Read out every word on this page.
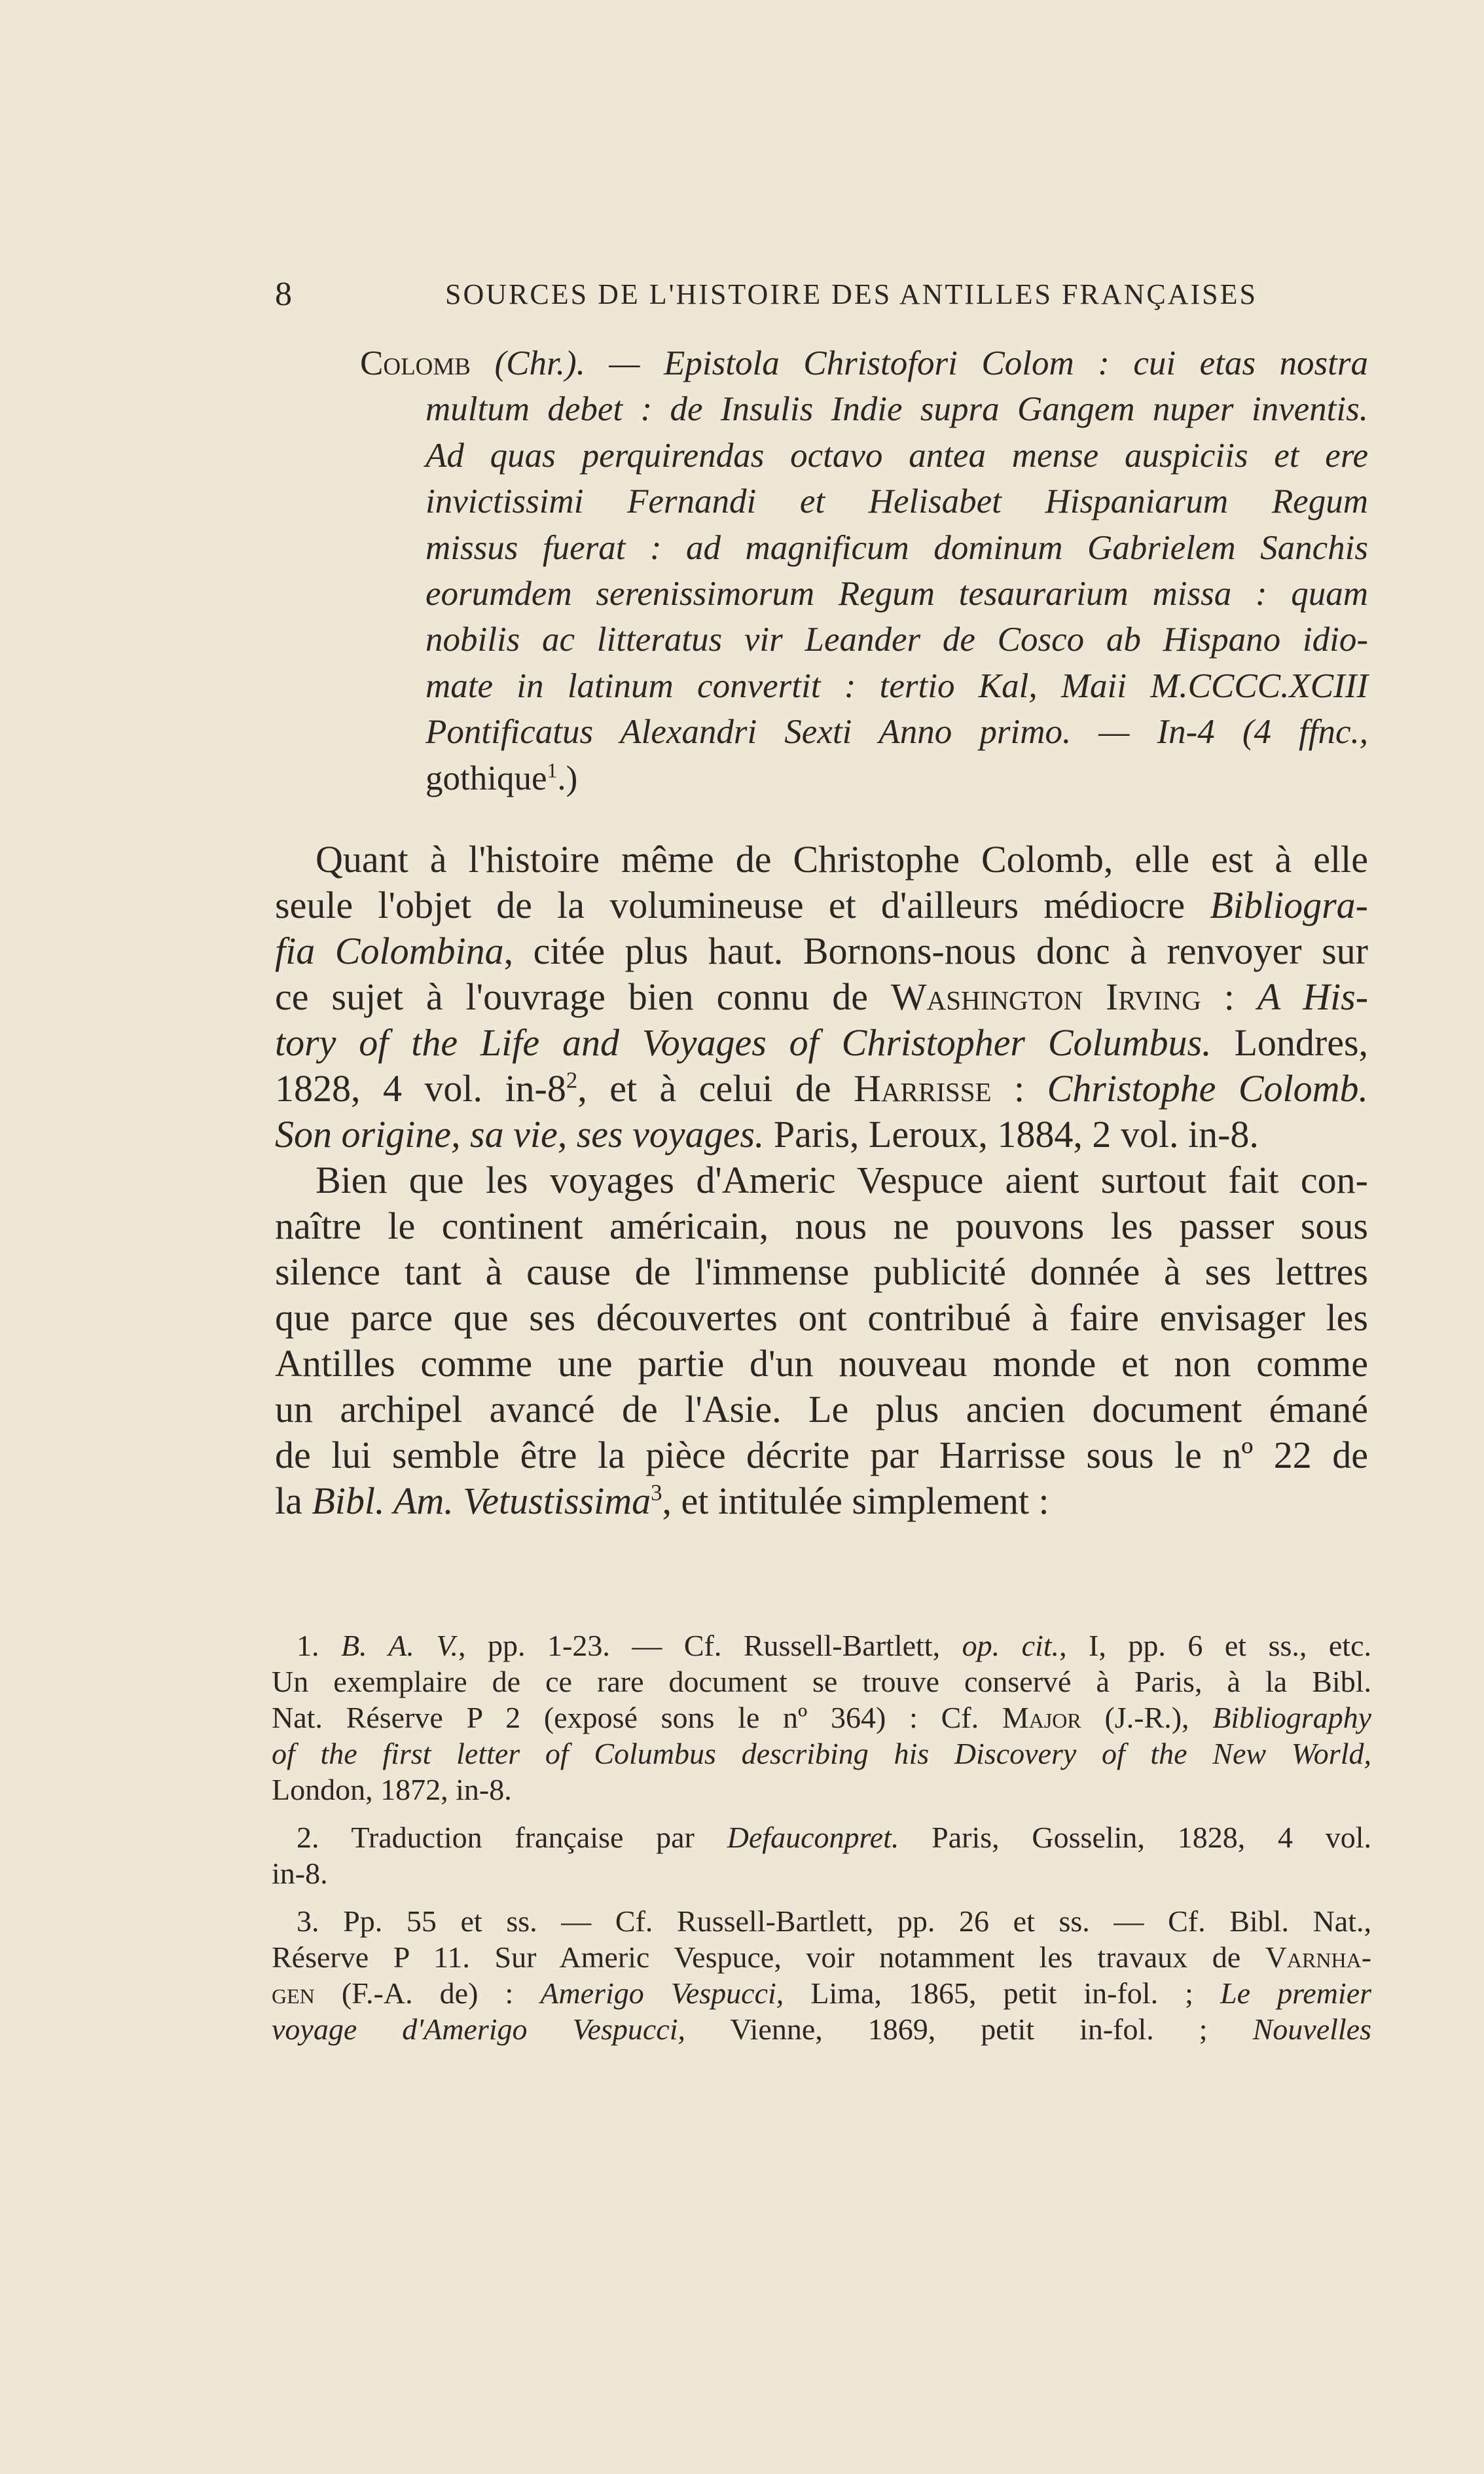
8	SOURCES DE L'HISTOIRE DES ANTILLES FRANÇAISES
Colomb (Chr.). — Epistola Christofori Colom : cui etas nostra
multum debet : de Insulis Indie supra Gangem nuper inventis.
Ad quas perquirendas octavo antea mense auspiciis et ere
invictissimi Fernandi et Helisabet Hispaniarum Regum
missus fuerat : ad magnificum dominum Gabrielem Sanchis
eorumdem serenissimorum Regum tesaurarium missa : quam
nobilis ac litteratus vir Leander de Cosco ab Hispano idio-
mate in latinum convertit : tertio Kal, Maii M.CCCC.XCIII
Pontificatus Alexandri Sexti Anno primo. — In-4 (4 ffnc.,
gothique$^1$.)
Quant à l'histoire même de Christophe Colomb, elle est à elle
seule l'objet de la volumineuse et d'ailleurs médiocre Bibliogra-
fia Colombina, citée plus haut. Bornons-nous donc à renvoyer sur
ce sujet à l'ouvrage bien connu de Washington Irving : A His-
tory of the Life and Voyages of Christopher Columbus. Londres,
1828, 4 vol. $in-8^2$, et à celui de Harrisse : Christophe Colomb.
Son origine, sa vie, ses voyages. Paris, Leroux, 1884, 2 vol. in-8.
Bien que les voyages d'Americ Vespuce aient surtout fait con-
naître le continent américain, nous ne pouvons les passer sous
silence tant à cause de l'immense publicité donnée à ses lettres
que parce que ses découvertes ont contribué à faire envisager les
Antilles comme une partie d'un nouveau monde et non comme
un archipel avancé de l'Asie. Le plus ancien document émané
de lui semble être la pièce décrite par Harrisse sous le nº 22 de
la Bibl. Am. Vetustissima$^3$, et intitulée simplement :
1. B. A. V., pp. 1-23. — Cf. Russell-Bartlett, op. cit., I, pp. 6 et ss., etc.
Un exemplaire de ce rare document se trouve conservé à Paris, à la Bibl.
Nat. Réserve P 2 (exposé sons le nº 364) : Cf. Major (J.-R.), Bibliography
of the first letter of Columbus describing his Discovery of the New World,
London, 1872, in-8.
2. Traduction française par Defauconpret. Paris, Gosselin, 1828, 4 vol.
in-8.
3. Pp. 55 et ss. — Cf. Russell-Bartlett, pp. 26 et ss. — Cf. Bibl. Nat.,
Réserve P 11. Sur Americ Vespuce, voir notamment les travaux de Varnha-
gen (F.-A. de) : Amerigo Vespucci, Lima, 1865, petit in-fol. ; Le premier
voyage d'Amerigo Vespucci, Vienne, 1869, petit in-fol. ; Nouvelles
